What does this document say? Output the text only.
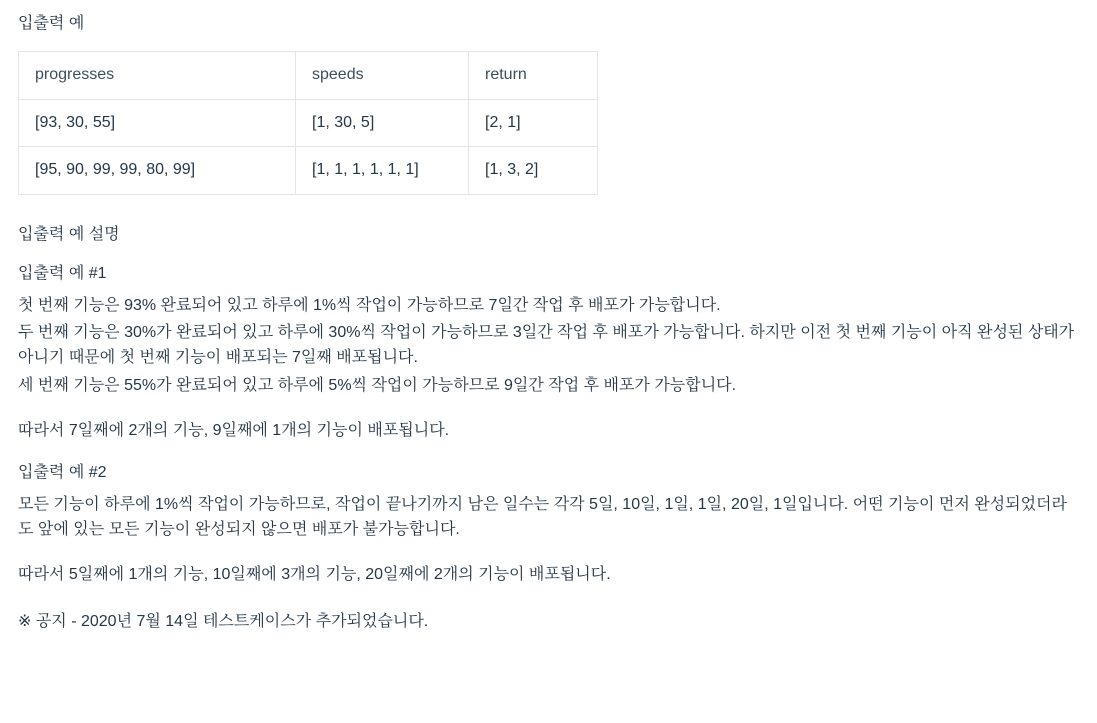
입출력 예
progresses	speeds	return
[93, 30, 55]	[1, 30, 5]	[2, 1]
[95, 90, 99, 99, 80, 99]	[1, 1, 1, 1, 1, 1]	[1, 3, 2]
입출력 예 설명
입출력 예 #1

첫 번째 기능은 93% 완료되어 있고 하루에 1%씩 작업이 가능하므로 7일간 작업 후 배포가 가능합니다.

두 번째 기능은 30%가 완료되어 있고 하루에 30%씩 작업이 가능하므로 3일간 작업 후 배포가 가능합니다. 하지만 이전 첫 번째 기능이 아직 완성된 상태가 아니기 때문에 첫 번째 기능이 배포되는 7일째 배포됩니다.

세 번째 기능은 55%가 완료되어 있고 하루에 5%씩 작업이 가능하므로 9일간 작업 후 배포가 가능합니다.

따라서 7일째에 2개의 기능, 9일째에 1개의 기능이 배포됩니다.

입출력 예 #2

모든 기능이 하루에 1%씩 작업이 가능하므로, 작업이 끝나기까지 남은 일수는 각각 5일, 10일, 1일, 1일, 20일, 1일입니다. 어떤 기능이 먼저 완성되었더라도 앞에 있는 모든 기능이 완성되지 않으면 배포가 불가능합니다.

따라서 5일째에 1개의 기능, 10일째에 3개의 기능, 20일째에 2개의 기능이 배포됩니다.

※ 공지 - 2020년 7월 14일 테스트케이스가 추가되었습니다.
